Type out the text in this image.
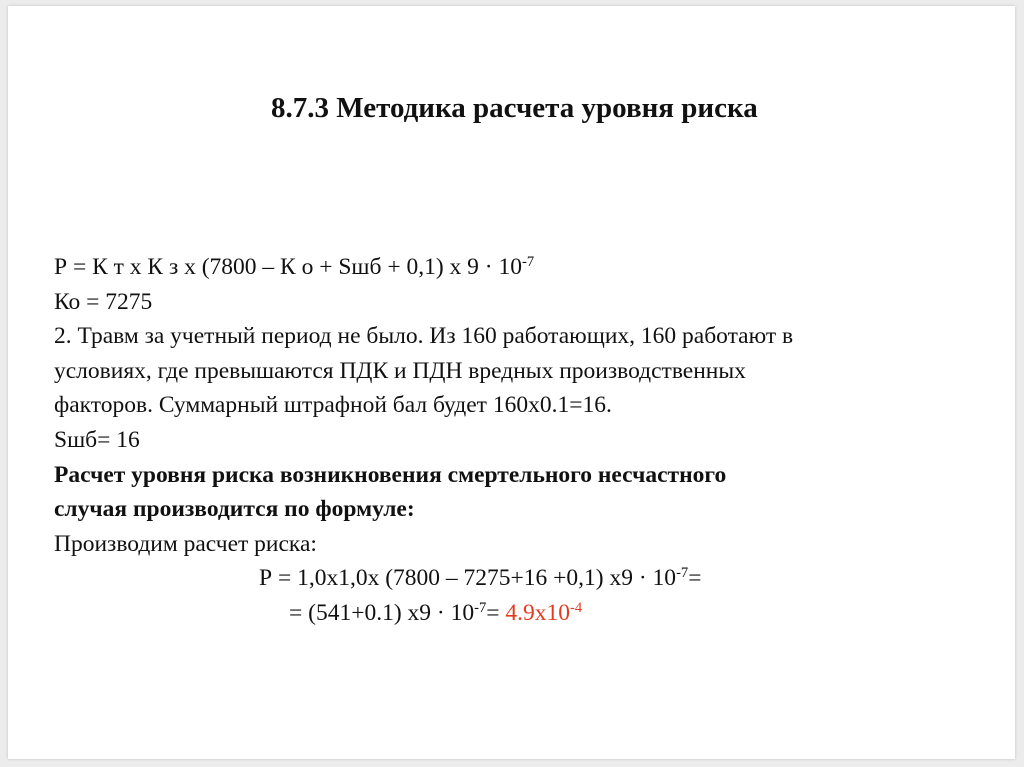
8.7.3 Методика расчета уровня риска
Р = К т х К з х (7800 – К о + Sшб + 0,1) х $9 \cdot 10^{-7}$
Ко = 7275
2. Травм за учетный период не было. Из 160 работающих, 160 работают в
условиях, где превышаются ПДК и ПДН вредных производственных
факторов. Суммарный штрафной бал будет 160х0.1=16.
Sшб= 16
Расчет уровня риска возникновения смертельного несчастного
случая производится по формуле:
Производим расчет риска:
Р = 1,0х1,0х (7800 – 7275+16 +0,1) $х9 \cdot 10^{-7}=$
= (541+0.1) $х9 \cdot 10^{-7}= 4.9х10^{-4}$
